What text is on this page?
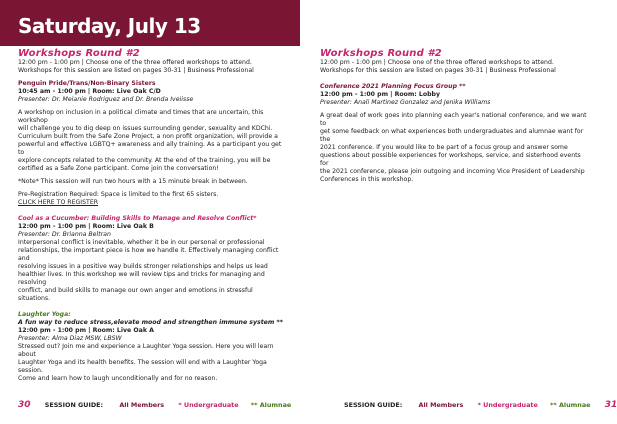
Saturday, July 13
Workshops Round #2
12:00 pm - 1:00 pm | Choose one of the three offered workshops to attend.
Workshops for this session are listed on pages 30-31 | Business Professional
Penguin Pride/Trans/Non-Binary Sisters
10:45 am - 1:00 pm | Room: Live Oak C/D
Presenter: Dr. Meianie Rodriguez and Dr. Brenda Iveiisse
A workshop on inclusion in a political climate and times that are uncertain, this workshop
will challenge you to dig deep on issues surrounding gender, sexuality and KDChi.
Curriculum built from the Safe Zone Project, a non profit organization, will provide a
powerful and effective LGBTQ+ awareness and ally training. As a participant you get to
explore concepts related to the community. At the end of the training, you will be
certified as a Safe Zone participant. Come join the conversation!
*Note* This session will run two hours with a 15 minute break in between.
Pre-Registration Required: Space is limited to the first 65 sisters.
CLICK HERE TO REGISTER
Cool as a Cucumber: Building Skills to Manage and Resolve Conflict*
12:00 pm - 1:00 pm | Room: Live Oak B
Presenter: Dr. Brianna Beltran
Interpersonal conflict is inevitable, whether it be in our personal or professional
relationships, the important piece is how we handle it. Effectively managing conflict and
resolving issues in a positive way builds stronger relationships and helps us lead
healthier lives. In this workshop we will review tips and tricks for managing and resolving
conflict, and build skills to manage our own anger and emotions in stressful situations.
Laughter Yoga:
A fun way to reduce stress,elevate mood and strengthen immune system **
12:00 pm - 1:00 pm | Room: Live Oak A
Presenter: Alma Diaz MSW, LBSW
Stressed out? Join me and experience a Laughter Yoga session. Here you will learn about
Laughter Yoga and its health benefits. The session will end with a Laughter Yoga session.
Come and learn how to laugh unconditionally and for no reason.
30 SESSION GUIDE:	All Members * Undergraduate ** Alumnae
Workshops Round #2
12:00 pm - 1:00 pm | Choose one of the three offered workshops to attend.
Workshops for this session are listed on pages 30-31 | Business Professional
Conference 2021 Planning Focus Group **
12:00 pm - 1:00 pm | Room: Lobby
Presenter: Anali Martinez Gonzalez and Jenika Williams
A great deal of work goes into planning each year's national conference, and we want to
get some feedback on what experiences both undergraduates and alumnae want for the
2021 conference. If you would like to be part of a focus group and answer some
questions about possible experiences for workshops, service, and sisterhood events for
the 2021 conference, please join outgoing and incoming Vice President of Leadership
Conferences in this workshop.
SESSION GUIDE:	All Members * Undergraduate ** Alumnae 31
